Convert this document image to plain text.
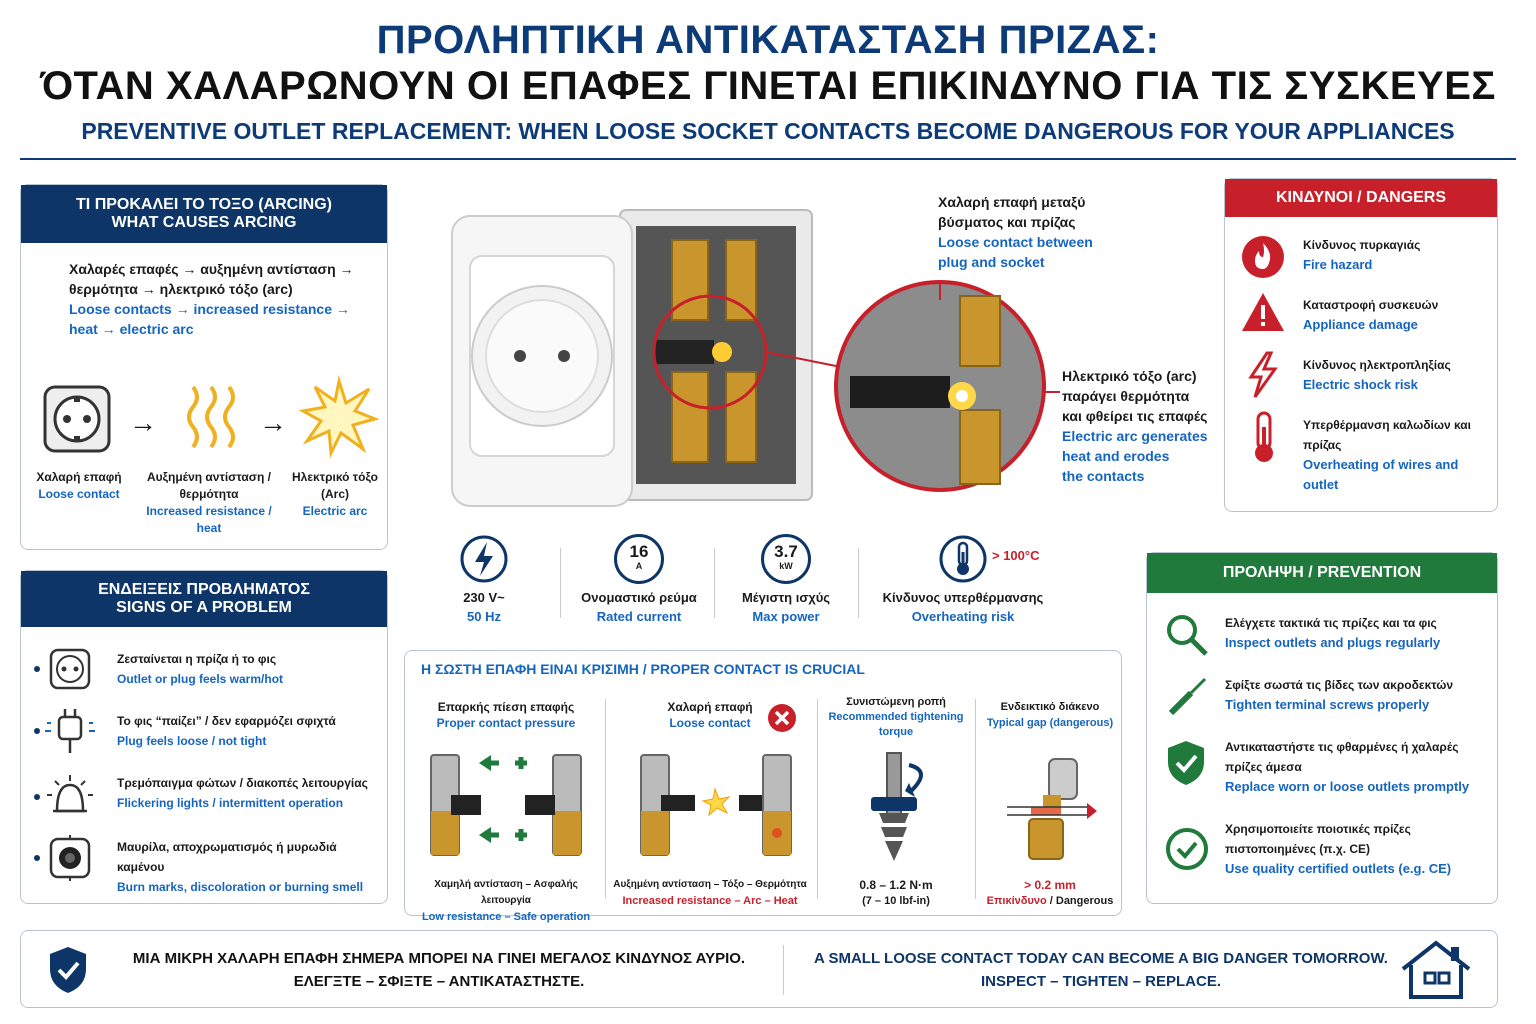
ΠΡΟΛΗΠΤΙΚΗ ΑΝΤΙΚΑΤΑΣΤΑΣΗ ΠΡΙΖΑΣ:
ΌΤΑΝ ΧΑΛΑΡΩΝΟΥΝ ΟΙ ΕΠΑΦΕΣ ΓΙΝΕΤΑΙ ΕΠΙΚΙΝΔΥΝΟ ΓΙΑ ΤΙΣ ΣΥΣΚΕΥΕΣ
PREVENTIVE OUTLET REPLACEMENT: WHEN LOOSE SOCKET CONTACTS BECOME DANGEROUS FOR YOUR APPLIANCES
ΤΙ ΠΡΟΚΑΛΕΙ ΤΟ ΤΟΞΟ (ARCING)
WHAT CAUSES ARCING
Χαλαρές επαφές → αυξημένη αντίσταση →
θερμότητα → ηλεκτρικό τόξο (arc)
Loose contacts → increased resistance →
heat → electric arc
→	→
Χαλαρή επαφή
Loose contact
Αυξημένη αντίσταση / θερμότητα
Increased resistance / heat
Ηλεκτρικό τόξο (Arc)
Electric arc
ΕΝΔΕΙΞΕΙΣ ΠΡΟΒΛΗΜΑΤΟΣ
SIGNS OF A PROBLEM
Ζεσταίνεται η πρίζα ή το φις
Outlet or plug feels warm/hot
Το φις “παίζει” / δεν εφαρμόζει σφιχτά
Plug feels loose / not tight
Τρεμόπαιγμα φώτων / διακοπές λειτουργίας
Flickering lights / intermittent operation
Μαυρίλα, αποχρωματισμός ή μυρωδιά καμένου
Burn marks, discoloration or burning smell
Χαλαρή επαφή μεταξύ
βύσματος και πρίζας
Loose contact between
plug and socket
Ηλεκτρικό τόξο (arc)
παράγει θερμότητα
και φθείρει τις επαφές
Electric arc generates
heat and erodes
the contacts
230 V~
50 Hz
16
A
Ονομαστικό ρεύμα
Rated current
3.7
kW
Μέγιστη ισχύς
Max power
> 100°C
Κίνδυνος υπερθέρμανσης
Overheating risk
ΚΙΝΔΥΝΟΙ / DANGERS
Κίνδυνος πυρκαγιάς
Fire hazard
Καταστροφή συσκευών
Appliance damage
Κίνδυνος ηλεκτροπληξίας
Electric shock risk
Υπερθέρμανση καλωδίων και πρίζας
Overheating of wires and outlet
ΠΡΟΛΗΨΗ / PREVENTION
Ελέγχετε τακτικά τις πρίζες και τα φις
Inspect outlets and plugs regularly
Σφίξτε σωστά τις βίδες των ακροδεκτών
Tighten terminal screws properly
Αντικαταστήστε τις φθαρμένες ή χαλαρές πρίζες άμεσα
Replace worn or loose outlets promptly
Χρησιμοποιείτε ποιοτικές πρίζες πιστοποιημένες (π.χ. CE)
Use quality certified outlets (e.g. CE)
Η ΣΩΣΤΗ ΕΠΑΦΗ ΕΙΝΑΙ ΚΡΙΣΙΜΗ / PROPER CONTACT IS CRUCIAL
Επαρκής πίεση επαφής
Proper contact pressure
Χαμηλή αντίσταση – Ασφαλής λειτουργία
Low resistance – Safe operation
Χαλαρή επαφή
Loose contact
Αυξημένη αντίσταση – Τόξο – Θερμότητα
Increased resistance – Arc – Heat
Συνιστώμενη ροπή
Recommended tightening torque
0.8 – 1.2 N·m
(7 – 10 lbf-in)
Ενδεικτικό διάκενο
Typical gap (dangerous)
> 0.2 mm
Επικίνδυνο / Dangerous
ΜΙΑ ΜΙΚΡΗ ΧΑΛΑΡΗ ΕΠΑΦΗ ΣΗΜΕΡΑ ΜΠΟΡΕΙ ΝΑ ΓΙΝΕΙ ΜΕΓΑΛΟΣ ΚΙΝΔΥΝΟΣ ΑΥΡΙΟ.
ΕΛΕΓΞΤΕ – ΣΦΙΞΤΕ – ΑΝΤΙΚΑΤΑΣΤΗΣΤΕ.
A SMALL LOOSE CONTACT TODAY CAN BECOME A BIG DANGER TOMORROW.
INSPECT – TIGHTEN – REPLACE.
